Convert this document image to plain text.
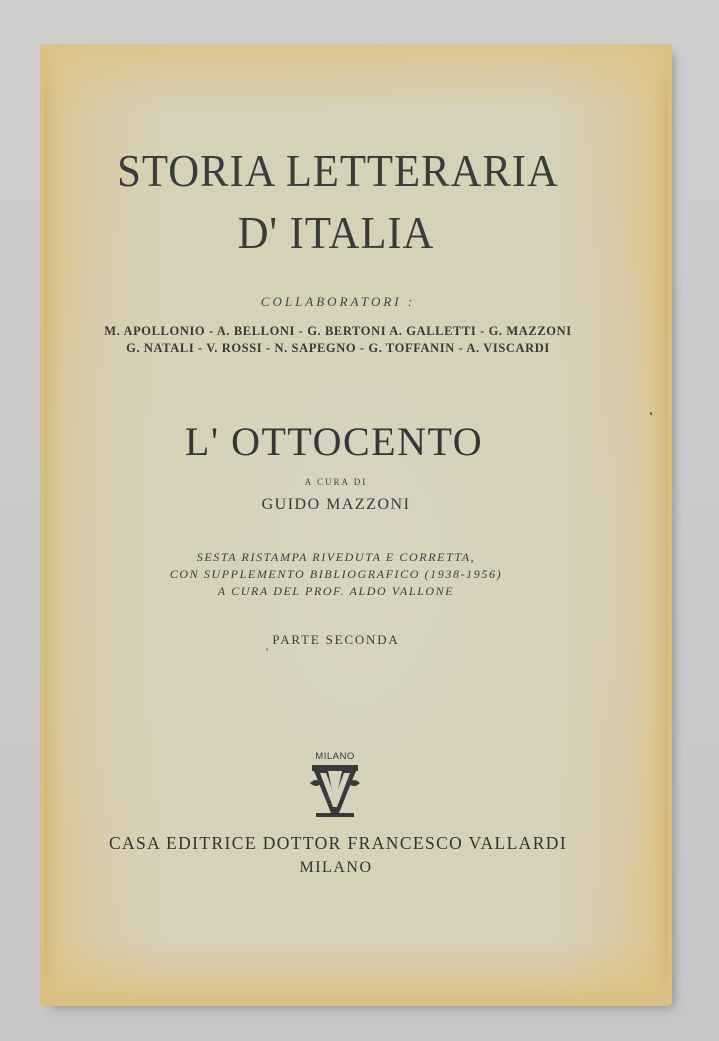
STORIA LETTERARIA
D' ITALIA
COLLABORATORI :
M. APOLLONIO - A. BELLONI - G. BERTONI A. GALLETTI - G. MAZZONI
G. NATALI - V. ROSSI - N. SAPEGNO - G. TOFFANIN - A. VISCARDI
L' OTTOCENTO
A CURA DI
GUIDO MAZZONI
SESTA RISTAMPA RIVEDUTA E CORRETTA,
CON SUPPLEMENTO BIBLIOGRAFICO (1938-1956)
A CURA DEL PROF. ALDO VALLONE
PARTE SECONDA
MILANO
CASA EDITRICE DOTTOR FRANCESCO VALLARDI
MILANO
